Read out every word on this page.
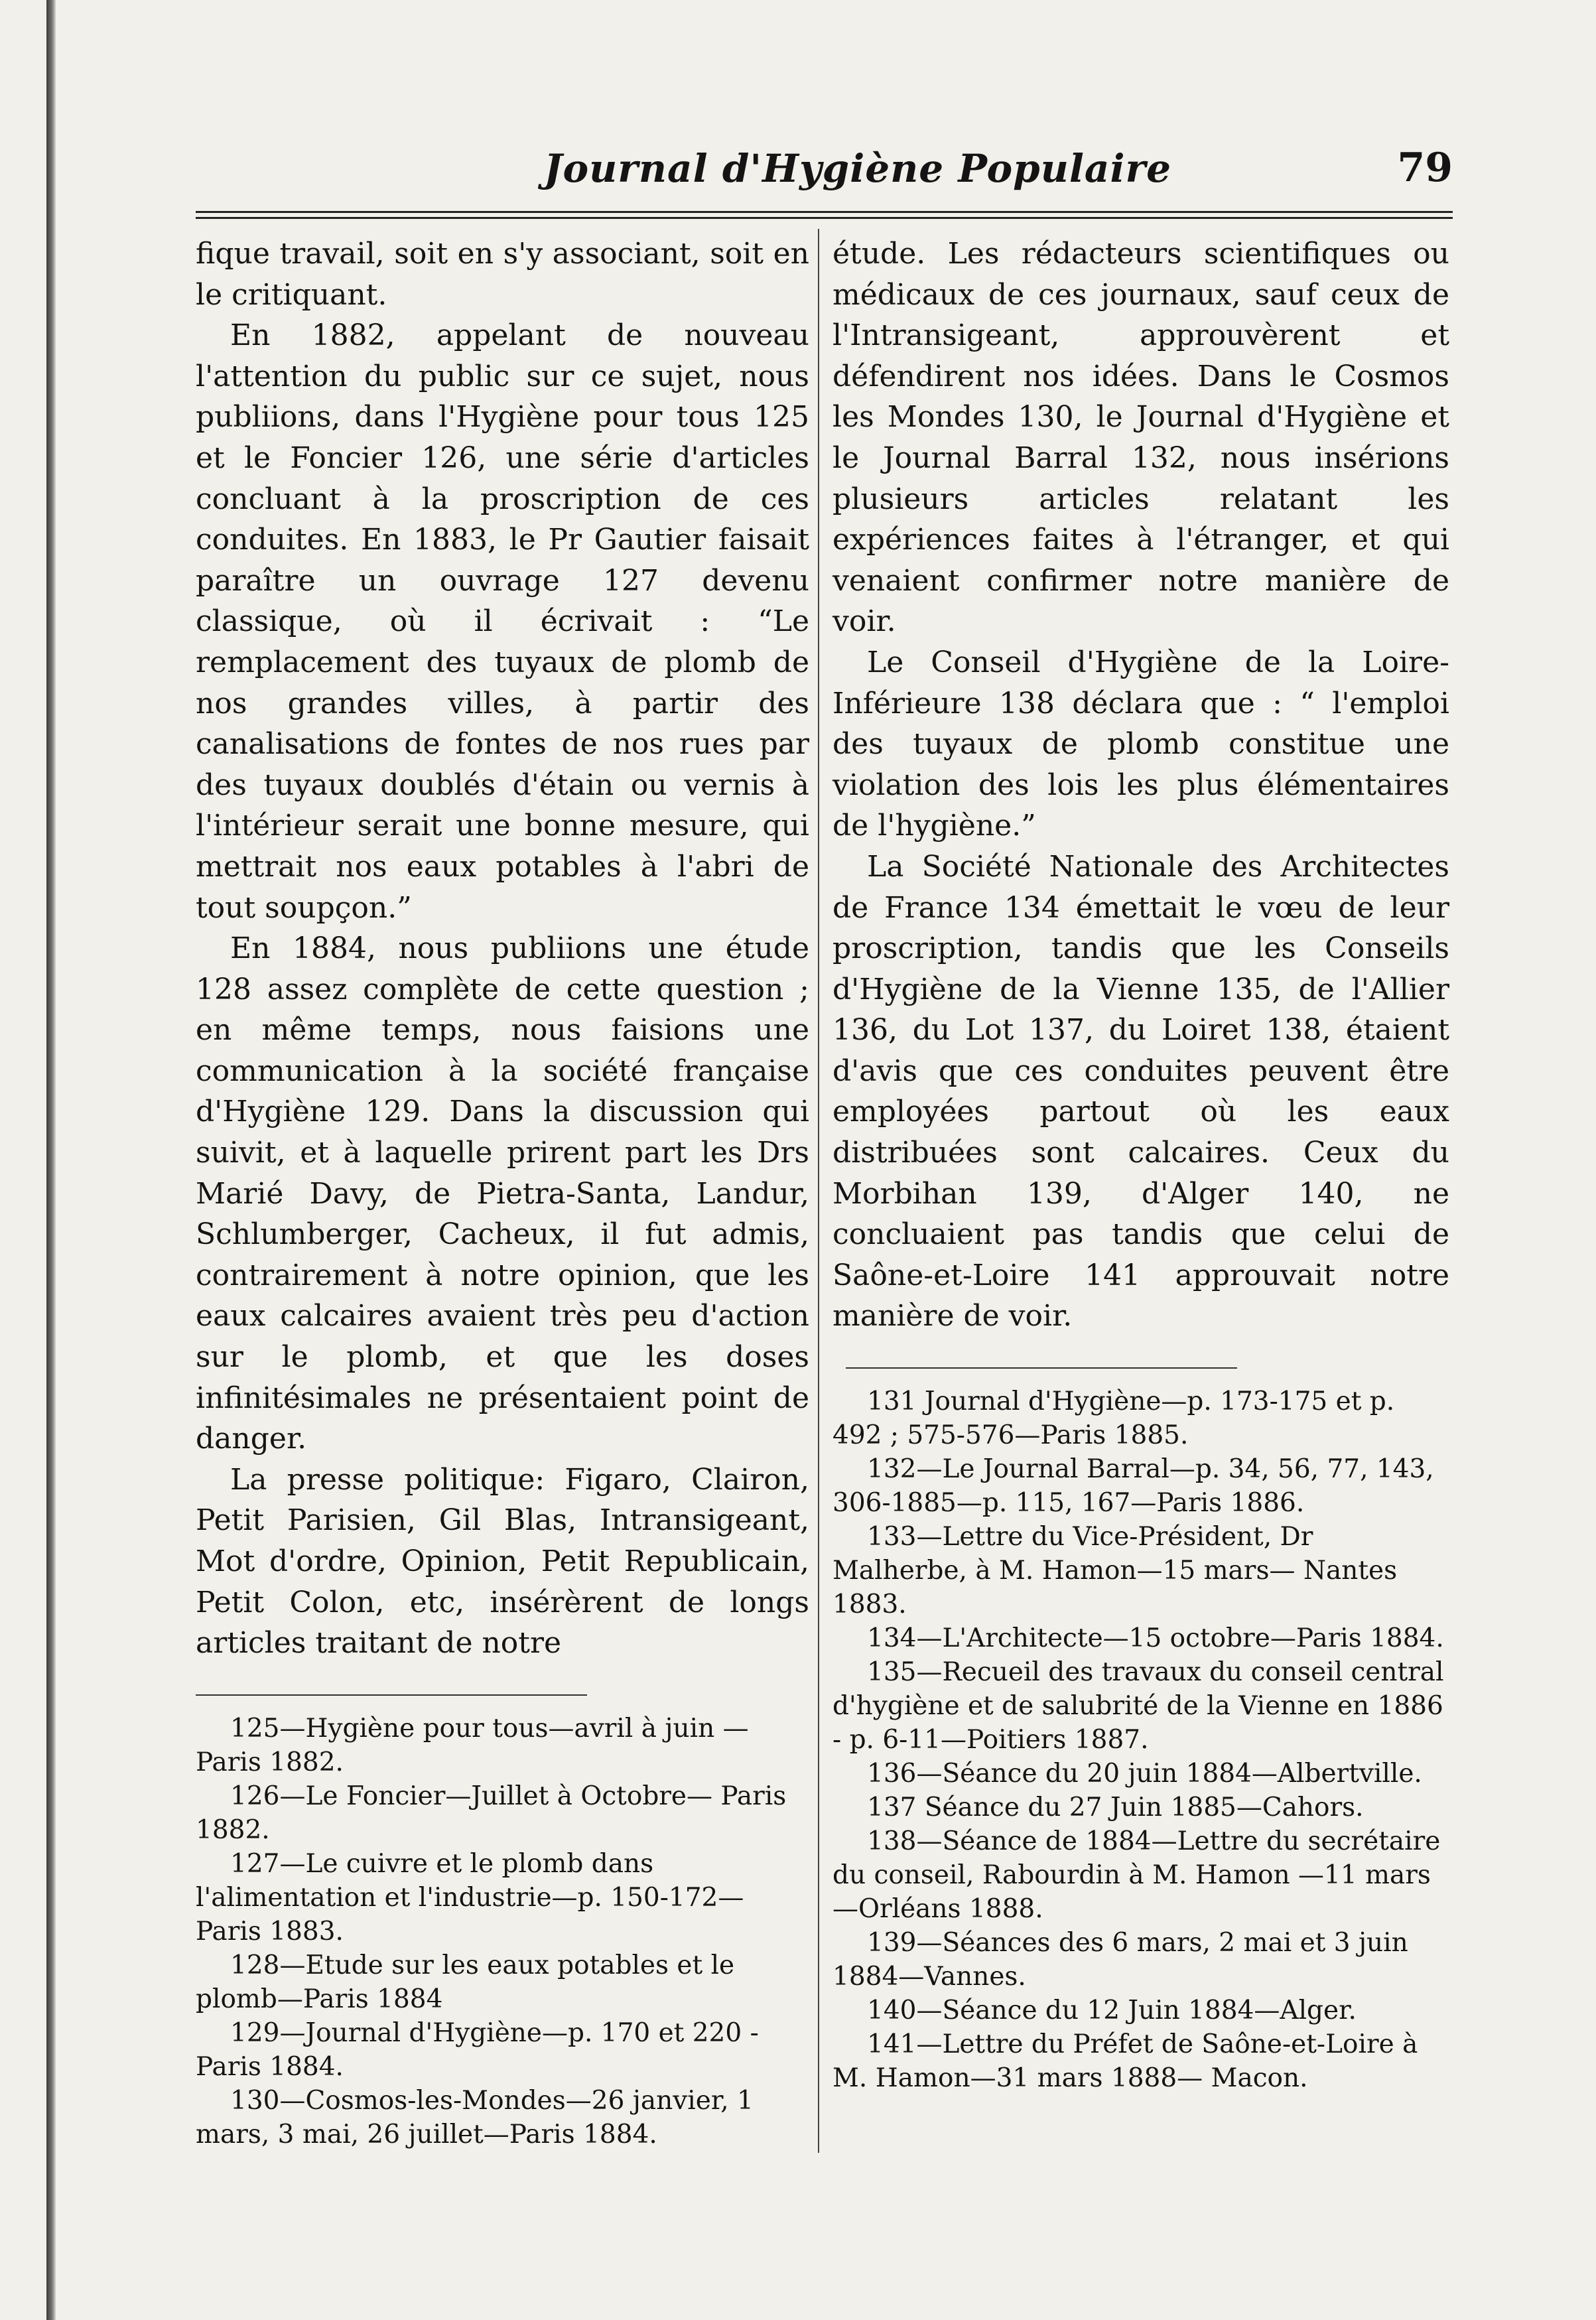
Journal d'Hygiène Populaire	79

fique travail, soit en s'y associant, soit en le critiquant.

En 1882, appelant de nouveau l'attention du public sur ce sujet, nous publiions, dans l'Hygiène pour tous 125 et le Foncier 126, une série d'articles concluant à la proscription de ces conduites. En 1883, le Pr Gautier faisait paraître un ouvrage 127 devenu classique, où il écrivait : “Le remplacement des tuyaux de plomb de nos grandes villes, à partir des canalisations de fontes de nos rues par des tuyaux doublés d'étain ou vernis à l'intérieur serait une bonne mesure, qui mettrait nos eaux potables à l'abri de tout soupçon.”

En 1884, nous publiions une étude 128 assez complète de cette question ; en même temps, nous faisions une communication à la société française d'Hygiène 129. Dans la discussion qui suivit, et à laquelle prirent part les Drs Marié Davy, de Pietra-Santa, Landur, Schlumberger, Cacheux, il fut admis, contrairement à notre opinion, que les eaux calcaires avaient très peu d'action sur le plomb, et que les doses infinitésimales ne présentaient point de danger.

La presse politique: Figaro, Clairon, Petit Parisien, Gil Blas, Intransigeant, Mot d'ordre, Opinion, Petit Republicain, Petit Colon, etc, insérèrent de longs articles traitant de notre

125—Hygiène pour tous—avril à juin —Paris 1882.

126—Le Foncier—Juillet à Octobre— Paris 1882.

127—Le cuivre et le plomb dans l'alimentation et l'industrie—p. 150-172— Paris 1883.

128—Etude sur les eaux potables et le plomb—Paris 1884

129—Journal d'Hygiène—p. 170 et 220 - Paris 1884.

130—Cosmos-les-Mondes—26 janvier, 1 mars, 3 mai, 26 juillet—Paris 1884.

étude. Les rédacteurs scientifiques ou médicaux de ces journaux, sauf ceux de l'Intransigeant, approuvèrent et défendirent nos idées. Dans le Cosmos les Mondes 130, le Journal d'Hygiène et le Journal Barral 132, nous insérions plusieurs articles relatant les expériences faites à l'étranger, et qui venaient confirmer notre manière de voir.

Le Conseil d'Hygiène de la Loire-Inférieure 138 déclara que : “ l'emploi des tuyaux de plomb constitue une violation des lois les plus élémentaires de l'hygiène.”

La Société Nationale des Architectes de France 134 émettait le vœu de leur proscription, tandis que les Conseils d'Hygiène de la Vienne 135, de l'Allier 136, du Lot 137, du Loiret 138, étaient d'avis que ces conduites peuvent être employées partout où les eaux distribuées sont calcaires. Ceux du Morbihan 139, d'Alger 140, ne concluaient pas tandis que celui de Saône-et-Loire 141 approuvait notre manière de voir.

131 Journal d'Hygiène—p. 173-175 et p. 492 ; 575-576—Paris 1885.

132—Le Journal Barral—p. 34, 56, 77, 143, 306-1885—p. 115, 167—Paris 1886.

133—Lettre du Vice-Président, Dr Malherbe, à M. Hamon—15 mars— Nantes 1883.

134—L'Architecte—15 octobre—Paris 1884.

135—Recueil des travaux du conseil central d'hygiène et de salubrité de la Vienne en 1886 - p. 6-11—Poitiers 1887.

136—Séance du 20 juin 1884—Albertville.

137 Séance du 27 Juin 1885—Cahors.

138—Séance de 1884—Lettre du secrétaire du conseil, Rabourdin à M. Hamon —11 mars—Orléans 1888.

139—Séances des 6 mars, 2 mai et 3 juin 1884—Vannes.

140—Séance du 12 Juin 1884—Alger.

141—Lettre du Préfet de Saône-et-Loire à M. Hamon—31 mars 1888— Macon.
